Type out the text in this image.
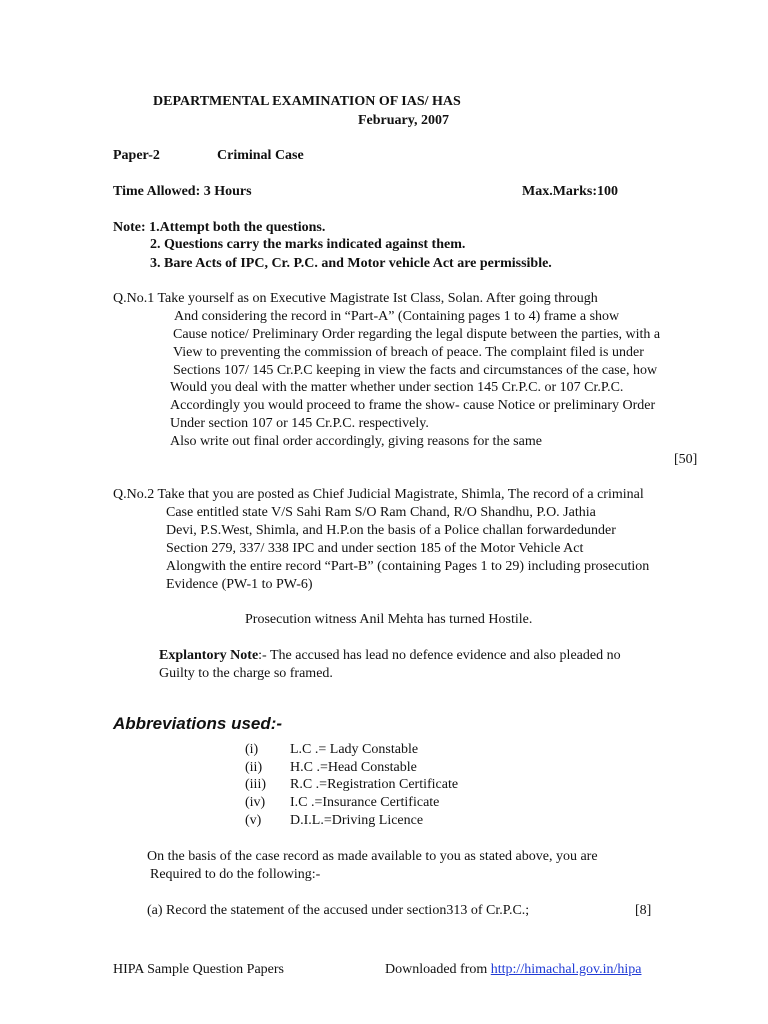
DEPARTMENTAL EXAMINATION OF IAS/ HAS
February, 2007
Paper-2	Criminal Case
Time Allowed: 3 Hours	Max.Marks:100
Note: 1.Attempt both the questions.
2. Questions carry the marks indicated against them.
3. Bare Acts of IPC, Cr. P.C. and Motor vehicle Act are permissible.
Q.No.1 Take yourself as on Executive Magistrate Ist Class, Solan. After going through
And considering the record in “Part-A” (Containing pages 1 to 4) frame a show
Cause notice/ Preliminary Order regarding the legal dispute between the parties, with a
View to preventing the commission of breach of peace. The complaint filed is under
Sections 107/ 145 Cr.P.C keeping in view the facts and circumstances of the case, how
Would you deal with the matter whether under section 145 Cr.P.C. or 107 Cr.P.C.
Accordingly you would proceed to frame the show- cause Notice or preliminary Order
Under section 107 or 145 Cr.P.C. respectively.
Also write out final order accordingly, giving reasons for the same
[50]
Q.No.2 Take that you are posted as Chief Judicial Magistrate, Shimla, The record of a criminal
Case entitled state V/S Sahi Ram S/O Ram Chand, R/O Shandhu, P.O. Jathia
Devi, P.S.West, Shimla, and H.P.on the basis of a Police challan forwardedunder
Section 279, 337/ 338 IPC and under section 185 of the Motor Vehicle Act
Alongwith the entire record “Part-B” (containing Pages 1 to 29) including prosecution
Evidence (PW-1 to PW-6)
Prosecution witness Anil Mehta has turned Hostile.
Explantory Note:- The accused has lead no defence evidence and also pleaded no
Guilty to the charge so framed.
Abbreviations used:-
(i) L.C .= Lady Constable
(ii) H.C .=Head Constable
(iii) R.C .=Registration Certificate
(iv) I.C .=Insurance Certificate
(v) D.I.L.=Driving Licence
On the basis of the case record as made available to you as stated above, you are
Required to do the following:-
(a) Record the statement of the accused under section313 of Cr.P.C.;	[8]
HIPA Sample Question Papers	Downloaded from http://himachal.gov.in/hipa
